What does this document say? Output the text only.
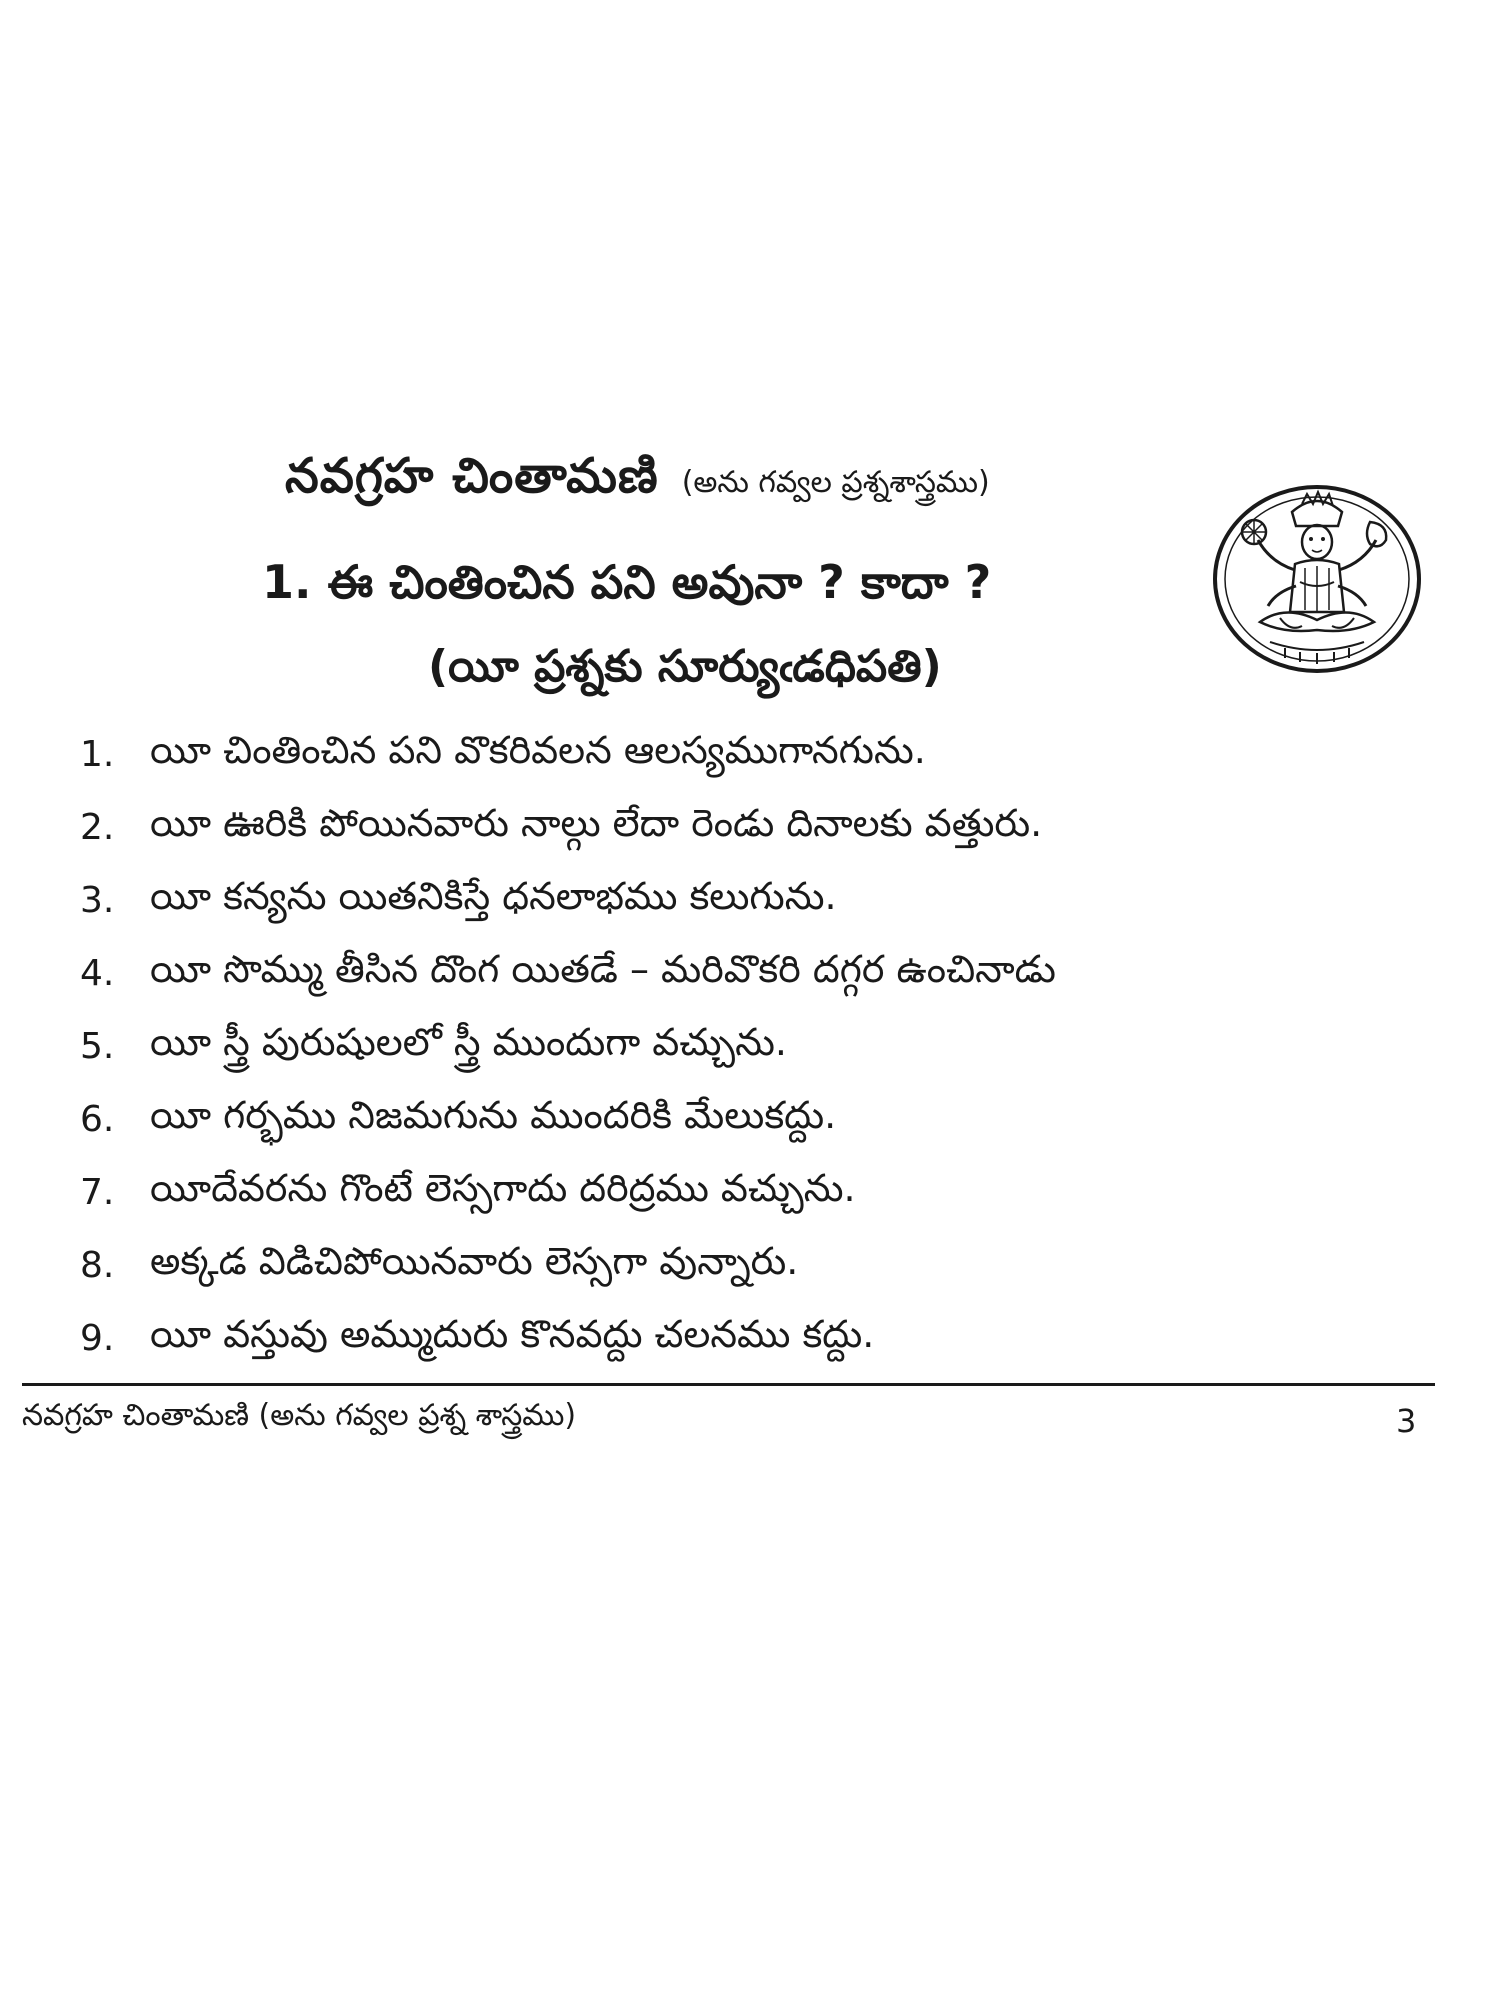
నవగ్రహ చింతామణి (అను గవ్వల ప్రశ్నశాస్త్రము)
1. ఈ చింతించిన పని అవునా ? కాదా ?
(యీ ప్రశ్నకు సూర్యుఁడధిపతి)
1. యీ చింతించిన పని వొకరివలన ఆలస్యముగానగును.
2. యీ ఊరికి పోయినవారు నాల్గు లేదా రెండు దినాలకు వత్తురు.
3. యీ కన్యను యితనికిస్తే ధనలాభము కలుగును.
4. యీ సొమ్ము తీసిన దొంగ యితడే – మరివొకరి దగ్గర ఉంచినాడు
5. యీ స్త్రీ పురుషులలో స్త్రీ ముందుగా వచ్చును.
6. యీ గర్భము నిజమగును ముందరికి మేలుకద్దు.
7. యీదేవరను గొంటే లెస్సగాదు దరిద్రము వచ్చును.
8. అక్కడ విడిచిపోయినవారు లెస్సగా వున్నారు.
9. యీ వస్తువు అమ్ముదురు కొనవద్దు చలనము కద్దు.
నవగ్రహ చింతామణి (అను గవ్వల ప్రశ్న శాస్త్రము)	3
